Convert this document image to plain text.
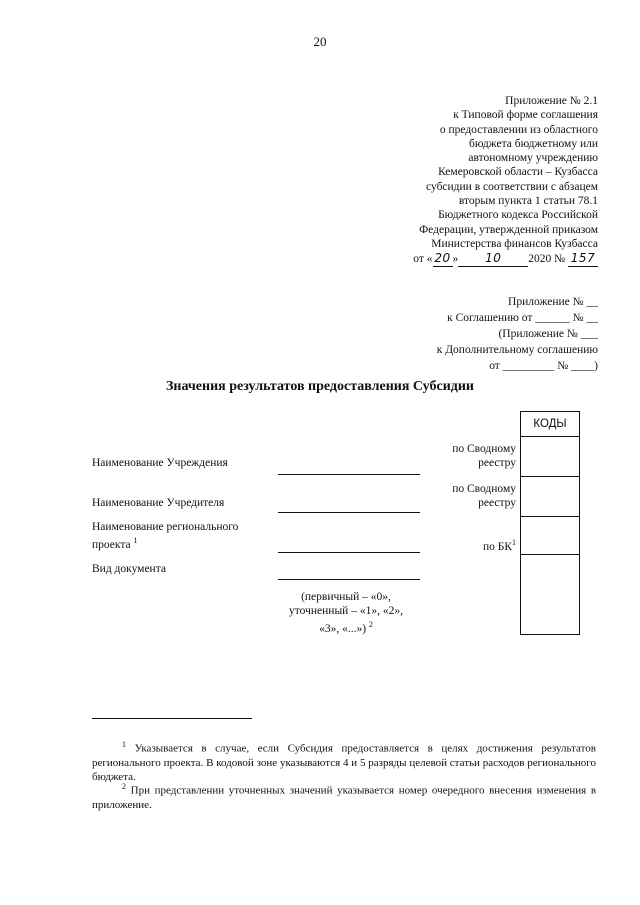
20
Приложение № 2.1
к Типовой форме соглашения
о предоставлении из областного
бюджета бюджетному или
автономному учреждению
Кемеровской области – Кузбасса
субсидии в соответствии с абзацем
вторым пункта 1 статьи 78.1
Бюджетного кодекса Российской
Федерации, утвержденной приказом
Министерства финансов Кузбасса
от « 20 » 10 2020 № 157
Приложение № __
к Соглашению от ______ № __
(Приложение № ___
к Дополнительному соглашению
от _________ № ____)
Значения результатов предоставления Субсидии
Наименование Учреждения
Наименование Учредителя
Наименование регионального
проекта $^1$
Вид документа
(первичный – «0»,
уточненный – «1», «2»,
«3», «...») $^2$
по Сводному
реестру
по Сводному
реестру
по $БК^1$
КОДЫ
$^1$ Указывается в случае, если Субсидия предоставляется в целях достижения результатов регионального проекта. В кодовой зоне указываются 4 и 5 разряды целевой статьи расходов регионального бюджета.
$^2$ При представлении уточненных значений указывается номер очередного внесения изменения в приложение.
